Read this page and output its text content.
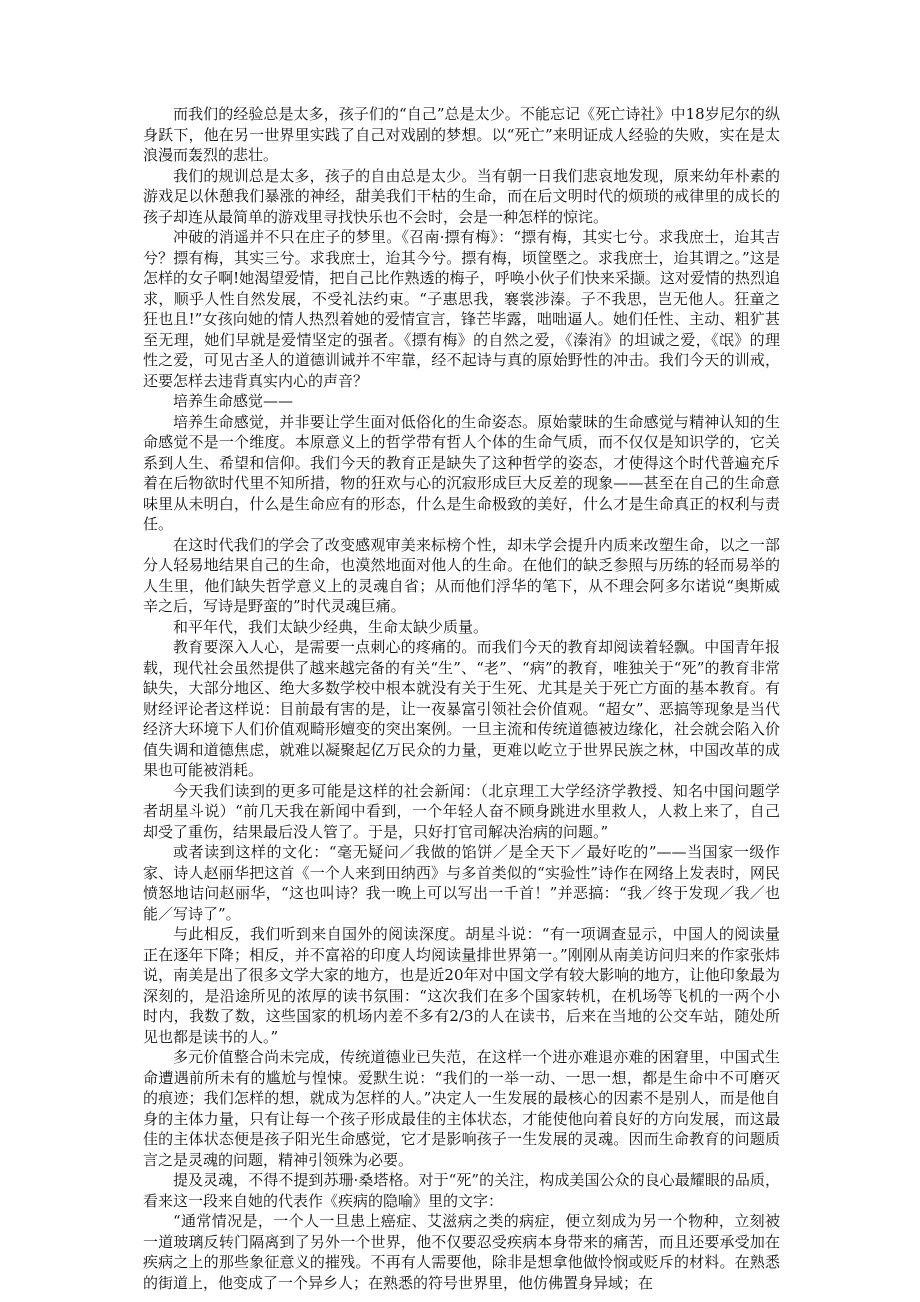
而我们的经验总是太多，孩子们的“自己”总是太少。不能忘记《死亡诗社》中18岁尼尔的纵身跃下，他在另一世界里实践了自己对戏剧的梦想。以“死亡”来明证成人经验的失败，实在是太浪漫而轰烈的悲壮。

我们的规训总是太多，孩子的自由总是太少。当有朝一日我们悲哀地发现，原来幼年朴素的游戏足以休憩我们暴涨的神经，甜美我们干枯的生命，而在后文明时代的烦琐的戒律里的成长的孩子却连从最简单的游戏里寻找快乐也不会时，会是一种怎样的惊诧。

冲破的消遥并不只在庄子的梦里。《召南·摽有梅》：“摽有梅，其实七兮。求我庶士，迨其吉兮？摽有梅，其实三兮。求我庶士，迨其今兮。摽有梅，顷筐塈之。求我庶士，迨其谓之。”这是怎样的女子啊!她渴望爱情，把自己比作熟透的梅子，呼唤小伙子们快来采撷。这对爱情的热烈追求，顺乎人性自然发展，不受礼法约束。“子惠思我，褰裳涉溱。子不我思，岂无他人。狂童之狂也且!”女孩向她的情人热烈着她的爱情宣言，锋芒毕露，咄咄逼人。她们任性、主动、粗犷甚至无理，她们早就是爱情坚定的强者。《摽有梅》的自然之爱，《溱洧》的坦诚之爱，《氓》的理性之爱，可见古圣人的道德训诫并不牢靠，经不起诗与真的原始野性的冲击。我们今天的训戒，还要怎样去违背真实内心的声音？

培养生命感觉——

培养生命感觉，并非要让学生面对低俗化的生命姿态。原始蒙昧的生命感觉与精神认知的生命感觉不是一个维度。本原意义上的哲学带有哲人个体的生命气质，而不仅仅是知识学的，它关系到人生、希望和信仰。我们今天的教育正是缺失了这种哲学的姿态，才使得这个时代普遍充斥着在后物欲时代里不知所措，物的狂欢与心的沉寂形成巨大反差的现象——甚至在自己的生命意味里从未明白，什么是生命应有的形态，什么是生命极致的美好，什么才是生命真正的权利与责任。

在这时代我们的学会了改变感观审美来标榜个性，却未学会提升内质来改塑生命，以之一部分人轻易地结果自己的生命，也漠然地面对他人的生命。在他们的缺乏参照与历练的轻而易举的人生里，他们缺失哲学意义上的灵魂自省；从而他们浮华的笔下，从不理会阿多尔诺说“奥斯威辛之后，写诗是野蛮的”时代灵魂巨痛。

和平年代，我们太缺少经典，生命太缺少质量。

教育要深入人心，是需要一点刺心的疼痛的。而我们今天的教育却阅读着轻飘。中国青年报载，现代社会虽然提供了越来越完备的有关“生”、“老”、“病”的教育，唯独关于“死”的教育非常缺失，大部分地区、绝大多数学校中根本就没有关于生死、尤其是关于死亡方面的基本教育。有财经评论者这样说：目前最有害的是，让一夜暴富引领社会价值观。“超女”、恶搞等现象是当代经济大环境下人们价值观畸形嬗变的突出案例。一旦主流和传统道德被边缘化，社会就会陷入价值失调和道德焦虑，就难以凝聚起亿万民众的力量，更难以屹立于世界民族之林，中国改革的成果也可能被消耗。

今天我们读到的更多可能是这样的社会新闻：（北京理工大学经济学教授、知名中国问题学者胡星斗说）“前几天我在新闻中看到，一个年轻人奋不顾身跳进水里救人，人救上来了，自己却受了重伤，结果最后没人管了。于是，只好打官司解决治病的问题。”

或者读到这样的文化：“毫无疑问／我做的馅饼／是全天下／最好吃的”——当国家一级作家、诗人赵丽华把这首《一个人来到田纳西》与多首类似的“实验性”诗作在网络上发表时，网民愤怒地诘问赵丽华，“这也叫诗？我一晚上可以写出一千首！”并恶搞：“我／终于发现／我／也能／写诗了”。

与此相反，我们听到来自国外的阅读深度。胡星斗说：“有一项调查显示，中国人的阅读量正在逐年下降；相反，并不富裕的印度人均阅读量排世界第一。”刚刚从南美访问归来的作家张炜说，南美是出了很多文学大家的地方，也是近20年对中国文学有较大影响的地方，让他印象最为深刻的，是沿途所见的浓厚的读书氛围：“这次我们在多个国家转机，在机场等飞机的一两个小时内，我数了数，这些国家的机场内差不多有2/3的人在读书，后来在当地的公交车站，随处所见也都是读书的人。”

多元价值整合尚未完成，传统道德业已失范，在这样一个进亦难退亦难的困窘里，中国式生命遭遇前所未有的尴尬与惶悚。爱默生说：“我们的一举一动、一思一想，都是生命中不可磨灭的痕迹；我们怎样的想，就成为怎样的人。”决定人一生发展的最核心的因素不是别人，而是他自身的主体力量，只有让每一个孩子形成最佳的主体状态，才能使他向着良好的方向发展，而这最佳的主体状态便是孩子阳光生命感觉，它才是影响孩子一生发展的灵魂。因而生命教育的问题质言之是灵魂的问题，精神引领殊为必要。

提及灵魂，不得不提到苏珊·桑塔格。对于“死”的关注，构成美国公众的良心最耀眼的品质，看来这一段来自她的代表作《疾病的隐喻》里的文字：

“通常情况是，一个人一旦患上癌症、艾滋病之类的病症，便立刻成为另一个物种，立刻被一道玻璃反转门隔离到了另外一个世界，他不仅要忍受疾病本身带来的痛苦，而且还要承受加在疾病之上的那些象征意义的摧残。不再有人需要他，除非是想拿他做怜悯或贬斥的材料。在熟悉的街道上，他变成了一个异乡人；在熟悉的符号世界里，他仿佛置身异域；在
